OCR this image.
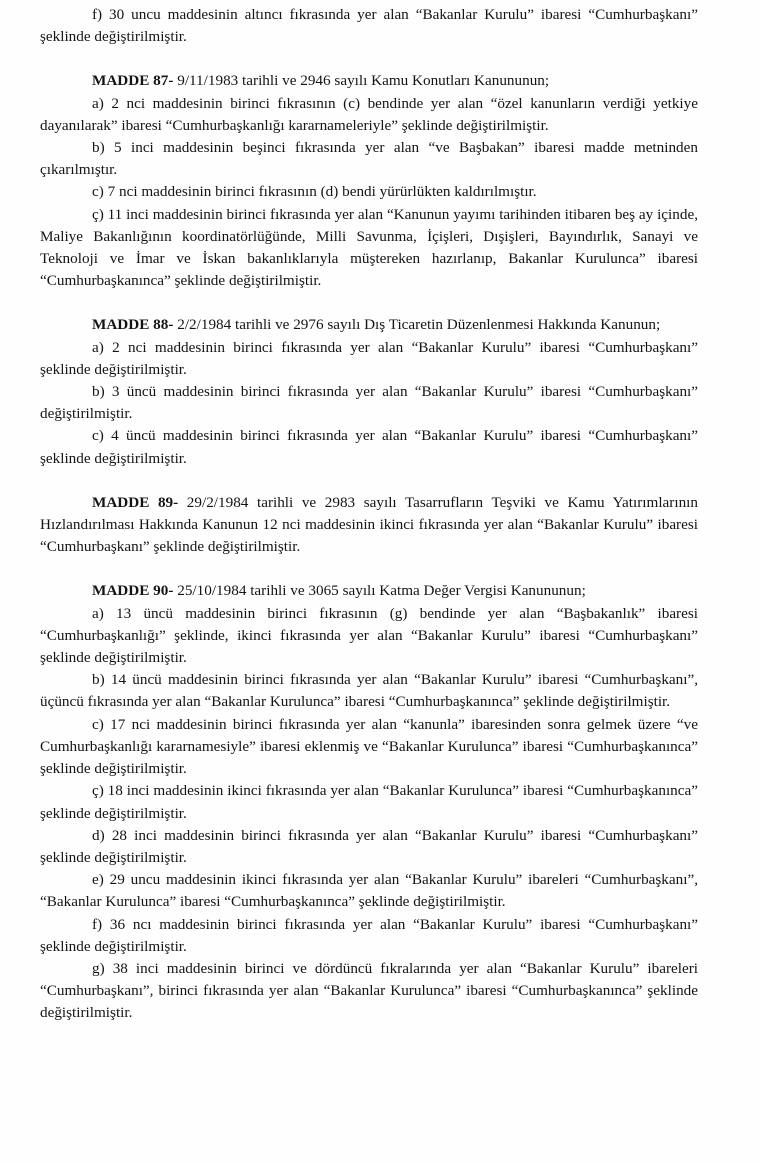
f) 30 uncu maddesinin altıncı fıkrasında yer alan “Bakanlar Kurulu” ibaresi “Cumhurbaşkanı” şeklinde değiştirilmiştir.

MADDE 87- 9/11/1983 tarihli ve 2946 sayılı Kamu Konutları Kanununun;

a) 2 nci maddesinin birinci fıkrasının (c) bendinde yer alan “özel kanunların verdiği yetkiye dayanılarak” ibaresi “Cumhurbaşkanlığı kararnameleriyle” şeklinde değiştirilmiştir.

b) 5 inci maddesinin beşinci fıkrasında yer alan “ve Başbakan” ibaresi madde metninden çıkarılmıştır.

c) 7 nci maddesinin birinci fıkrasının (d) bendi yürürlükten kaldırılmıştır.

ç) 11 inci maddesinin birinci fıkrasında yer alan “Kanunun yayımı tarihinden itibaren beş ay içinde, Maliye Bakanlığının koordinatörlüğünde, Milli Savunma, İçişleri, Dışişleri, Bayındırlık, Sanayi ve Teknoloji ve İmar ve İskan bakanlıklarıyla müştereken hazırlanıp, Bakanlar Kurulunca” ibaresi “Cumhurbaşkanınca” şeklinde değiştirilmiştir.

MADDE 88- 2/2/1984 tarihli ve 2976 sayılı Dış Ticaretin Düzenlenmesi Hakkında Kanunun;

a) 2 nci maddesinin birinci fıkrasında yer alan “Bakanlar Kurulu” ibaresi “Cumhurbaşkanı” şeklinde değiştirilmiştir.

b) 3 üncü maddesinin birinci fıkrasında yer alan “Bakanlar Kurulu” ibaresi “Cumhurbaşkanı” değiştirilmiştir.

c) 4 üncü maddesinin birinci fıkrasında yer alan “Bakanlar Kurulu” ibaresi “Cumhurbaşkanı” şeklinde değiştirilmiştir.

MADDE 89- 29/2/1984 tarihli ve 2983 sayılı Tasarrufların Teşviki ve Kamu Yatırımlarının Hızlandırılması Hakkında Kanunun 12 nci maddesinin ikinci fıkrasında yer alan “Bakanlar Kurulu” ibaresi “Cumhurbaşkanı” şeklinde değiştirilmiştir.

MADDE 90- 25/10/1984 tarihli ve 3065 sayılı Katma Değer Vergisi Kanununun;

a) 13 üncü maddesinin birinci fıkrasının (g) bendinde yer alan “Başbakanlık” ibaresi “Cumhurbaşkanlığı” şeklinde, ikinci fıkrasında yer alan “Bakanlar Kurulu” ibaresi “Cumhurbaşkanı” şeklinde değiştirilmiştir.

b) 14 üncü maddesinin birinci fıkrasında yer alan “Bakanlar Kurulu” ibaresi “Cumhurbaşkanı”, üçüncü fıkrasında yer alan “Bakanlar Kurulunca” ibaresi “Cumhurbaşkanınca” şeklinde değiştirilmiştir.

c) 17 nci maddesinin birinci fıkrasında yer alan “kanunla” ibaresinden sonra gelmek üzere “ve Cumhurbaşkanlığı kararnamesiyle” ibaresi eklenmiş ve “Bakanlar Kurulunca” ibaresi “Cumhurbaşkanınca” şeklinde değiştirilmiştir.

ç) 18 inci maddesinin ikinci fıkrasında yer alan “Bakanlar Kurulunca” ibaresi “Cumhurbaşkanınca” şeklinde değiştirilmiştir.

d) 28 inci maddesinin birinci fıkrasında yer alan “Bakanlar Kurulu” ibaresi “Cumhurbaşkanı” şeklinde değiştirilmiştir.

e) 29 uncu maddesinin ikinci fıkrasında yer alan “Bakanlar Kurulu” ibareleri “Cumhurbaşkanı”, “Bakanlar Kurulunca” ibaresi “Cumhurbaşkanınca” şeklinde değiştirilmiştir.

f) 36 ncı maddesinin birinci fıkrasında yer alan “Bakanlar Kurulu” ibaresi “Cumhurbaşkanı” şeklinde değiştirilmiştir.

g) 38 inci maddesinin birinci ve dördüncü fıkralarında yer alan “Bakanlar Kurulu” ibareleri “Cumhurbaşkanı”, birinci fıkrasında yer alan “Bakanlar Kurulunca” ibaresi “Cumhurbaşkanınca” şeklinde değiştirilmiştir.
